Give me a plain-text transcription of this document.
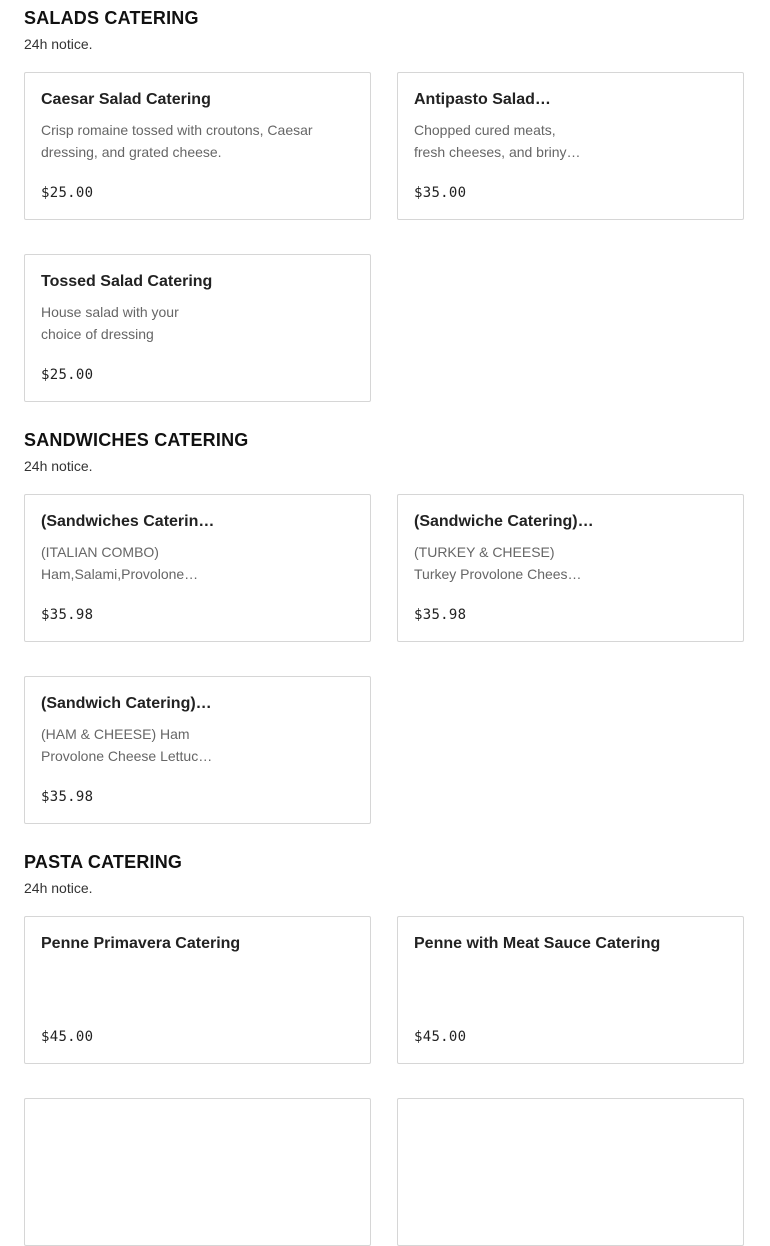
SALADS CATERING

24h notice.

Caesar Salad Catering
Crisp romaine tossed with croutons, Caesar
dressing, and grated cheese.
$25.00
Antipasto Salad…
Chopped cured meats,
fresh cheeses, and briny…
$35.00
Tossed Salad Catering
House salad with your
choice of dressing
$25.00
SANDWICHES CATERING

24h notice.

(Sandwiches Caterin…
(ITALIAN COMBO)
Ham,Salami,Provolone…
$35.98
(Sandwiche Catering)…
(TURKEY & CHEESE)
Turkey Provolone Chees…
$35.98
(Sandwich Catering)…
(HAM & CHEESE) Ham
Provolone Cheese Lettuc…
$35.98
PASTA CATERING

24h notice.

Penne Primavera Catering
$45.00
Penne with Meat Sauce Catering
$45.00
